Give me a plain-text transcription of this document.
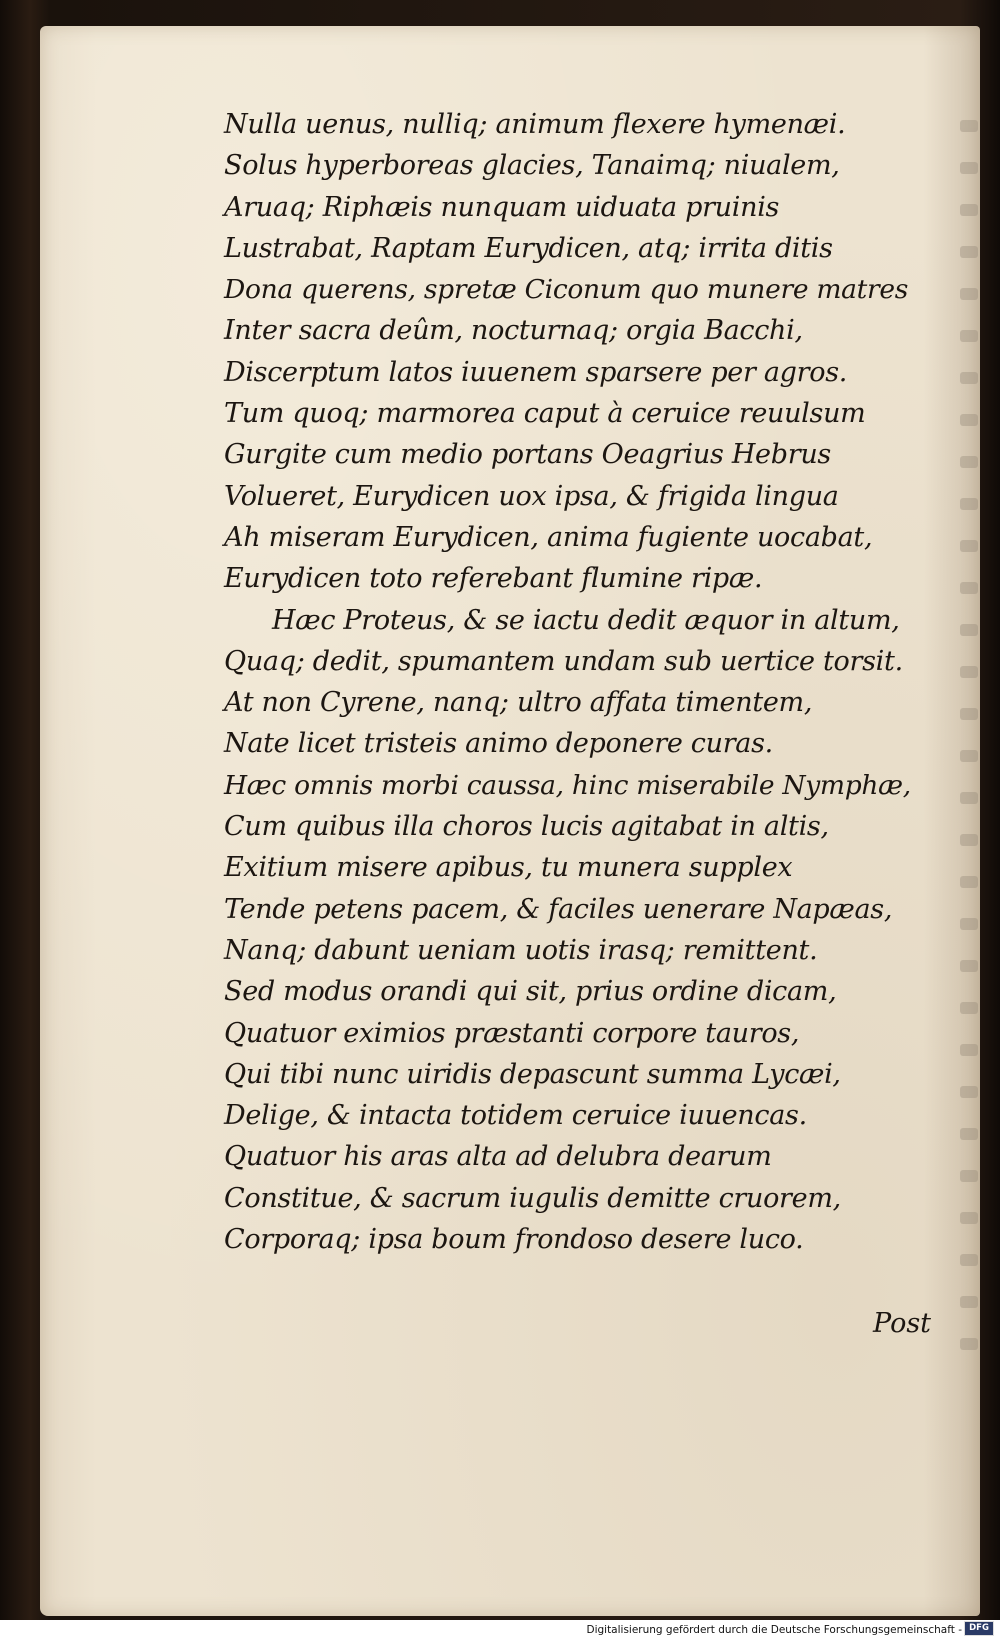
Nulla uenus, nulliq; animum flexere hymenæi.
Solus hyperboreas glacies, Tanaimq; niualem,
Aruaq; Riphæis nunquam uiduata pruinis
Lustrabat, Raptam Eurydicen, atq; irrita ditis
Dona querens, spretæ Ciconum quo munere matres
Inter sacra deûm, nocturnaq; orgia Bacchi,
Discerptum latos iuuenem sparsere per agros.
Tum quoq; marmorea caput à ceruice reuulsum
Gurgite cum medio portans Oeagrius Hebrus
Volueret, Eurydicen uox ipsa, & frigida lingua
Ah miseram Eurydicen, anima fugiente uocabat,
Eurydicen toto referebant flumine ripæ.
Hæc Proteus, & se iactu dedit æquor in altum,
Quaq; dedit, spumantem undam sub uertice torsit.
At non Cyrene, nanq; ultro affata timentem,
Nate licet tristeis animo deponere curas.
Hæc omnis morbi caussa, hinc miserabile Nymphæ,
Cum quibus illa choros lucis agitabat in altis,
Exitium misere apibus, tu munera supplex
Tende petens pacem, & faciles uenerare Napæas,
Nanq; dabunt ueniam uotis irasq; remittent.
Sed modus orandi qui sit, prius ordine dicam,
Quatuor eximios præstanti corpore tauros,
Qui tibi nunc uiridis depascunt summa Lycæi,
Delige, & intacta totidem ceruice iuuencas.
Quatuor his aras alta ad delubra dearum
Constitue, & sacrum iugulis demitte cruorem,
Corporaq; ipsa boum frondoso desere luco.
Post
Digitalisierung gefördert durch die Deutsche Forschungsgemeinschaft - DFG
